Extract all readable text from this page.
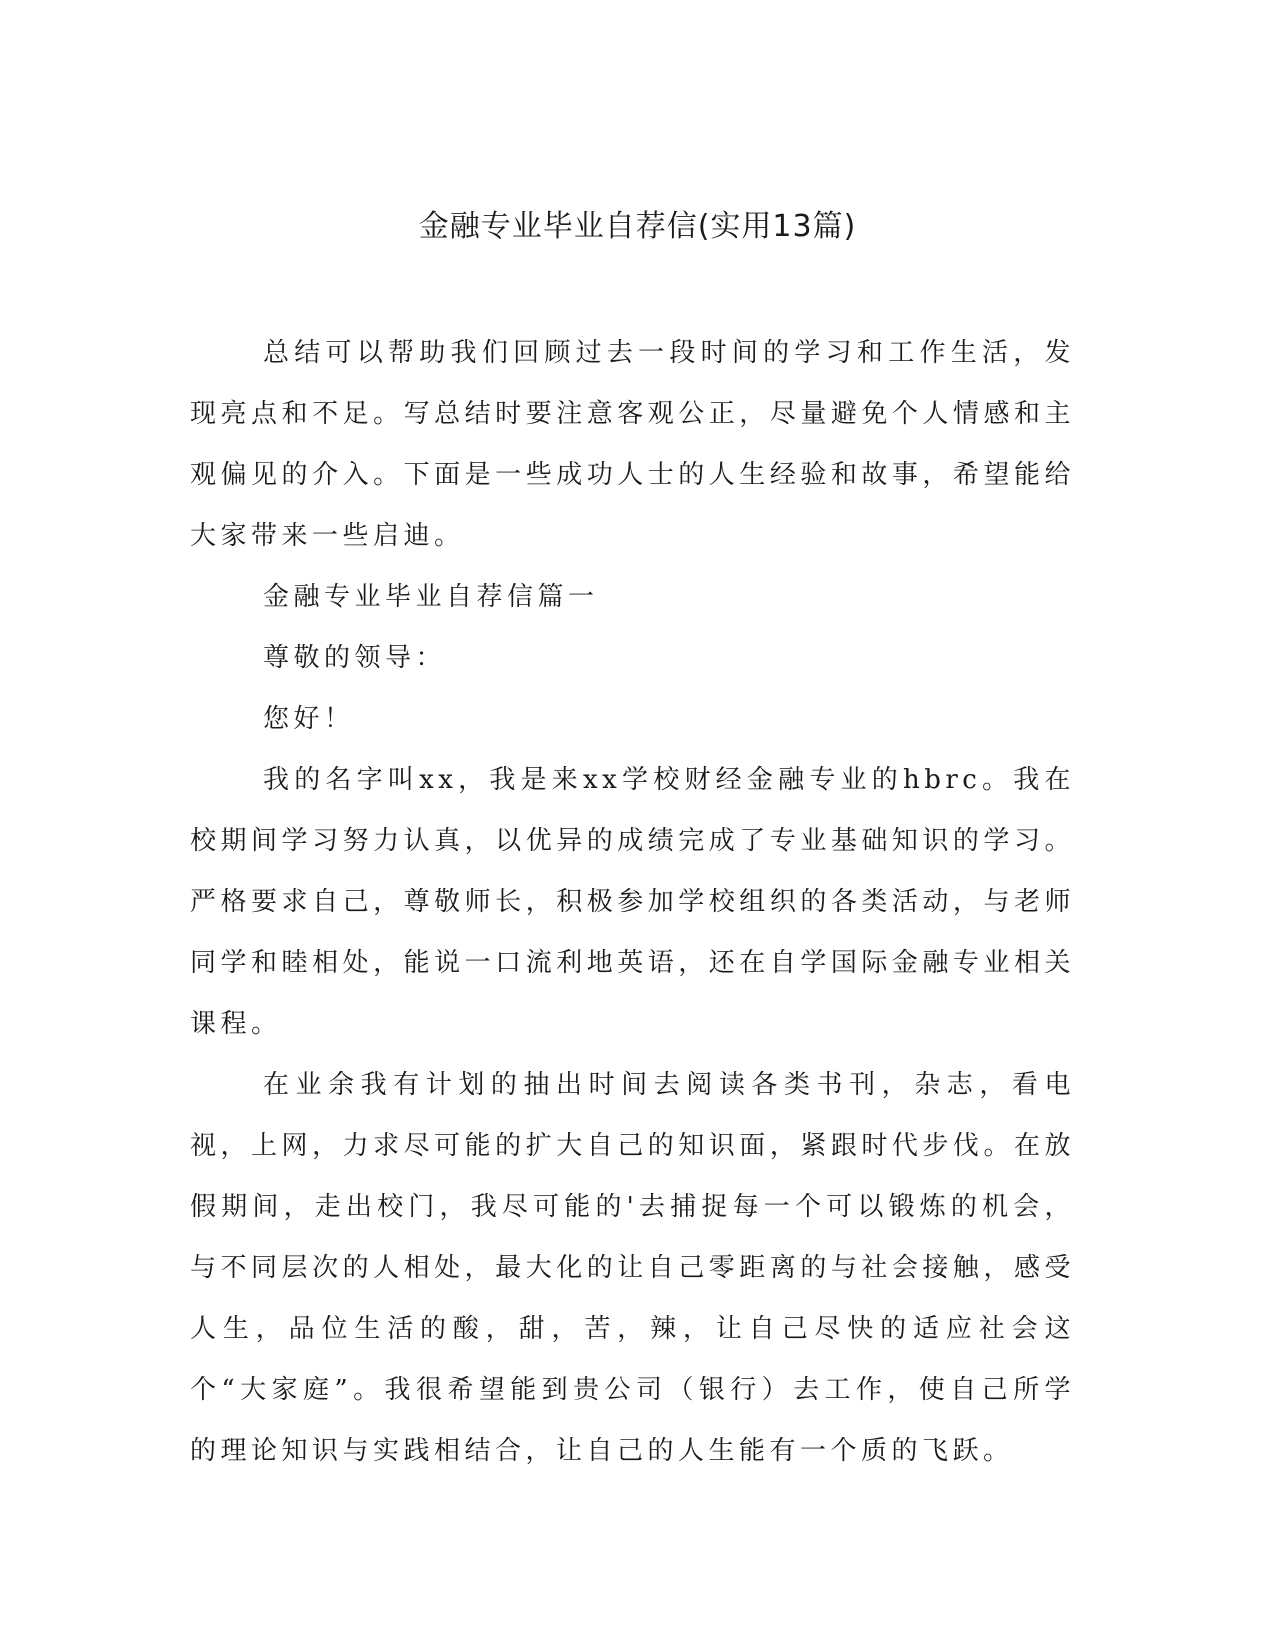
金融专业毕业自荐信(实用13篇)

总结可以帮助我们回顾过去一段时间的学习和工作生活，发现亮点和不足。写总结时要注意客观公正，尽量避免个人情感和主观偏见的介入。下面是一些成功人士的人生经验和故事，希望能给大家带来一些启迪。

金融专业毕业自荐信篇一

尊敬的领导：

您好！

我的名字叫xx，我是来xx学校财经金融专业的hbrc。我在校期间学习努力认真，以优异的成绩完成了专业基础知识的学习。严格要求自己，尊敬师长，积极参加学校组织的各类活动，与老师同学和睦相处，能说一口流利地英语，还在自学国际金融专业相关课程。

在业余我有计划的抽出时间去阅读各类书刊，杂志，看电视，上网，力求尽可能的扩大自己的知识面，紧跟时代步伐。在放假期间，走出校门，我尽可能的'去捕捉每一个可以锻炼的机会，与不同层次的人相处，最大化的让自己零距离的与社会接触，感受人生，品位生活的酸，甜，苦，辣，让自己尽快的适应社会这个“大家庭”。我很希望能到贵公司（银行）去工作，使自己所学的理论知识与实践相结合，让自己的人生能有一个质的飞跃。
